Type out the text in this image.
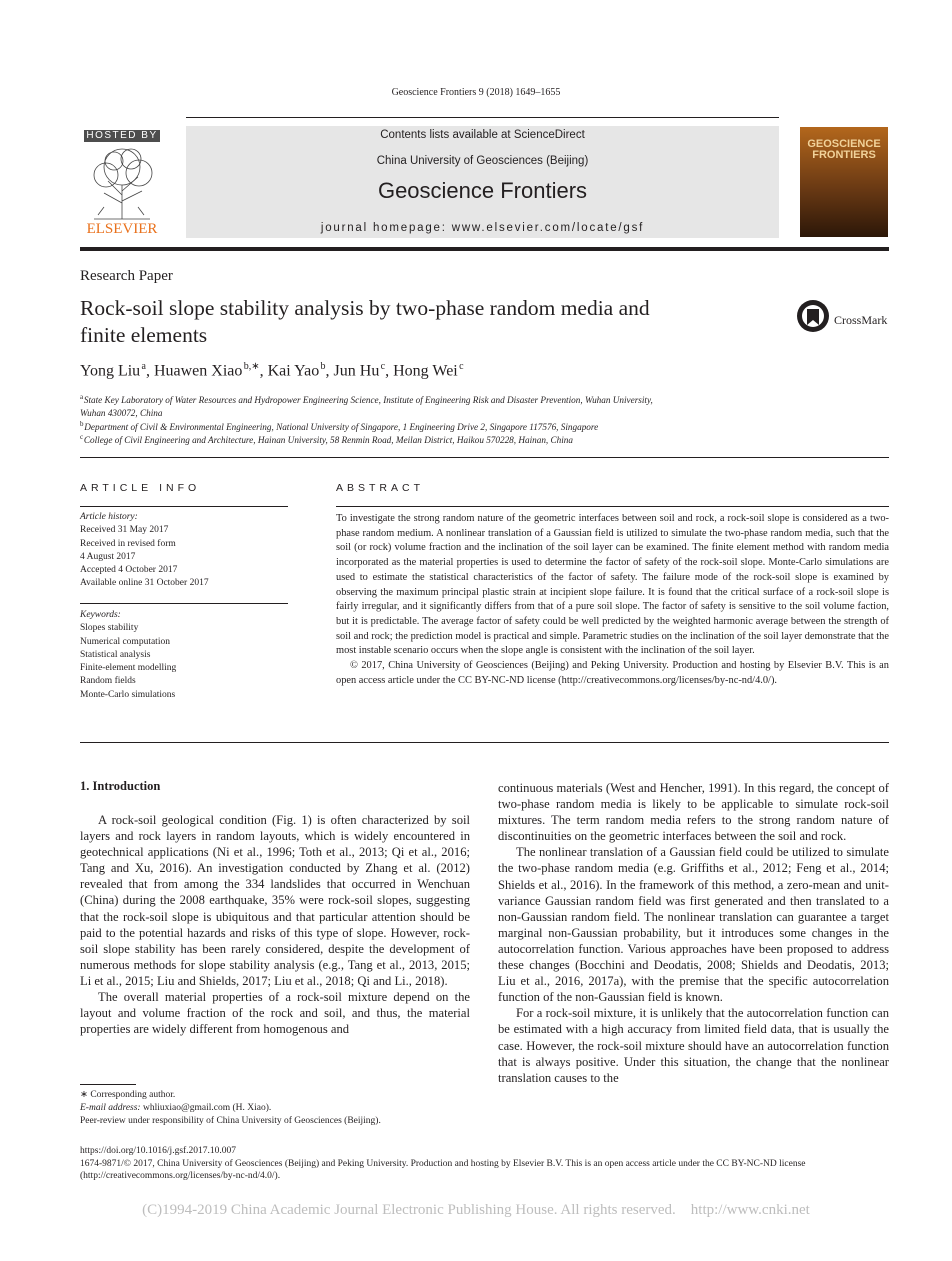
Geoscience Frontiers 9 (2018) 1649–1655
HOSTED BY
ELSEVIER
Contents lists available at ScienceDirect
China University of Geosciences (Beijing)
Geoscience Frontiers
journal homepage: www.elsevier.com/locate/gsf
GEOSCIENCE
FRONTIERS
Research Paper
Rock-soil slope stability analysis by two-phase random media and
finite elements
CrossMark
Yong Liu $^a$, Huawen Xiao $^{b,∗}$, Kai Yao $^b$, Jun Hu $^c$, Hong Wei $^c$
$^a$ State Key Laboratory of Water Resources and Hydropower Engineering Science, Institute of Engineering Risk and Disaster Prevention, Wuhan University,
Wuhan 430072, China
$^b$ Department of Civil & Environmental Engineering, National University of Singapore, 1 Engineering Drive 2, Singapore 117576, Singapore
$^c$ College of Civil Engineering and Architecture, Hainan University, 58 Renmin Road, Meilan District, Haikou 570228, Hainan, China
ARTICLE INFO
Article history:
Received 31 May 2017
Received in revised form
4 August 2017
Accepted 4 October 2017
Available online 31 October 2017
Keywords:
Slopes stability
Numerical computation
Statistical analysis
Finite-element modelling
Random fields
Monte-Carlo simulations
ABSTRACT

To investigate the strong random nature of the geometric interfaces between soil and rock, a rock-soil slope is considered as a two-phase random medium. A nonlinear translation of a Gaussian field is utilized to simulate the two-phase random media, such that the soil (or rock) volume fraction and the inclination of the soil layer can be examined. The finite element method with random media incorporated as the material properties is used to determine the factor of safety of the rock-soil slope. Monte-Carlo simulations are used to estimate the statistical characteristics of the factor of safety. The failure mode of the rock-soil slope is examined by observing the maximum principal plastic strain at incipient slope failure. It is found that the critical surface of a rock-soil slope is fairly irregular, and it significantly differs from that of a pure soil slope. The factor of safety is sensitive to the soil volume faction, but it is predictable. The average factor of safety could be well predicted by the weighted harmonic average between the strength of soil and rock; the prediction model is practical and simple. Parametric studies on the inclination of the soil layer demonstrate that the most instable scenario occurs when the slope angle is consistent with the inclination of the soil layer.

© 2017, China University of Geosciences (Beijing) and Peking University. Production and hosting by Elsevier B.V. This is an open access article under the CC BY-NC-ND license (http://creativecommons.org/licenses/by-nc-nd/4.0/).

1. Introduction

A rock-soil geological condition (Fig. 1) is often characterized by soil layers and rock layers in random layouts, which is widely encountered in geotechnical applications (Ni et al., 1996; Toth et al., 2013; Qi et al., 2016; Tang and Xu, 2016). An investigation conducted by Zhang et al. (2012) revealed that from among the 334 landslides that occurred in Wenchuan (China) during the 2008 earthquake, 35% were rock-soil slopes, suggesting that the rock-soil slope is ubiquitous and that particular attention should be paid to the potential hazards and risks of this type of slope. However, rock-soil slope stability has been rarely considered, despite the development of numerous methods for slope stability analysis (e.g., Tang et al., 2013, 2015; Li et al., 2015; Liu and Shields, 2017; Liu et al., 2018; Qi and Li., 2018).

The overall material properties of a rock-soil mixture depend on the layout and volume fraction of the rock and soil, and thus, the material properties are widely different from homogenous and

continuous materials (West and Hencher, 1991). In this regard, the concept of two-phase random media is likely to be applicable to simulate rock-soil mixtures. The term random media refers to the strong random nature of discontinuities on the geometric interfaces between the soil and rock.

The nonlinear translation of a Gaussian field could be utilized to simulate the two-phase random media (e.g. Griffiths et al., 2012; Feng et al., 2014; Shields et al., 2016). In the framework of this method, a zero-mean and unit-variance Gaussian random field was first generated and then translated to a non-Gaussian random field. The nonlinear translation can guarantee a target marginal non-Gaussian probability, but it introduces some changes in the autocorrelation function. Various approaches have been proposed to address these changes (Bocchini and Deodatis, 2008; Shields and Deodatis, 2013; Liu et al., 2016, 2017a), with the premise that the specific autocorrelation function of the non-Gaussian field is known.

For a rock-soil mixture, it is unlikely that the autocorrelation function can be estimated with a high accuracy from limited field data, that is usually the case. However, the rock-soil mixture should have an autocorrelation function that is always positive. Under this situation, the change that the nonlinear translation causes to the

∗ Corresponding author.
E-mail address: whliuxiao@gmail.com (H. Xiao).
Peer-review under responsibility of China University of Geosciences (Beijing).
https://doi.org/10.1016/j.gsf.2017.10.007
1674-9871/© 2017, China University of Geosciences (Beijing) and Peking University. Production and hosting by Elsevier B.V. This is an open access article under the CC BY-NC-ND license (http://creativecommons.org/licenses/by-nc-nd/4.0/).
(C)1994-2019 China Academic Journal Electronic Publishing House. All rights reserved.    http://www.cnki.net
